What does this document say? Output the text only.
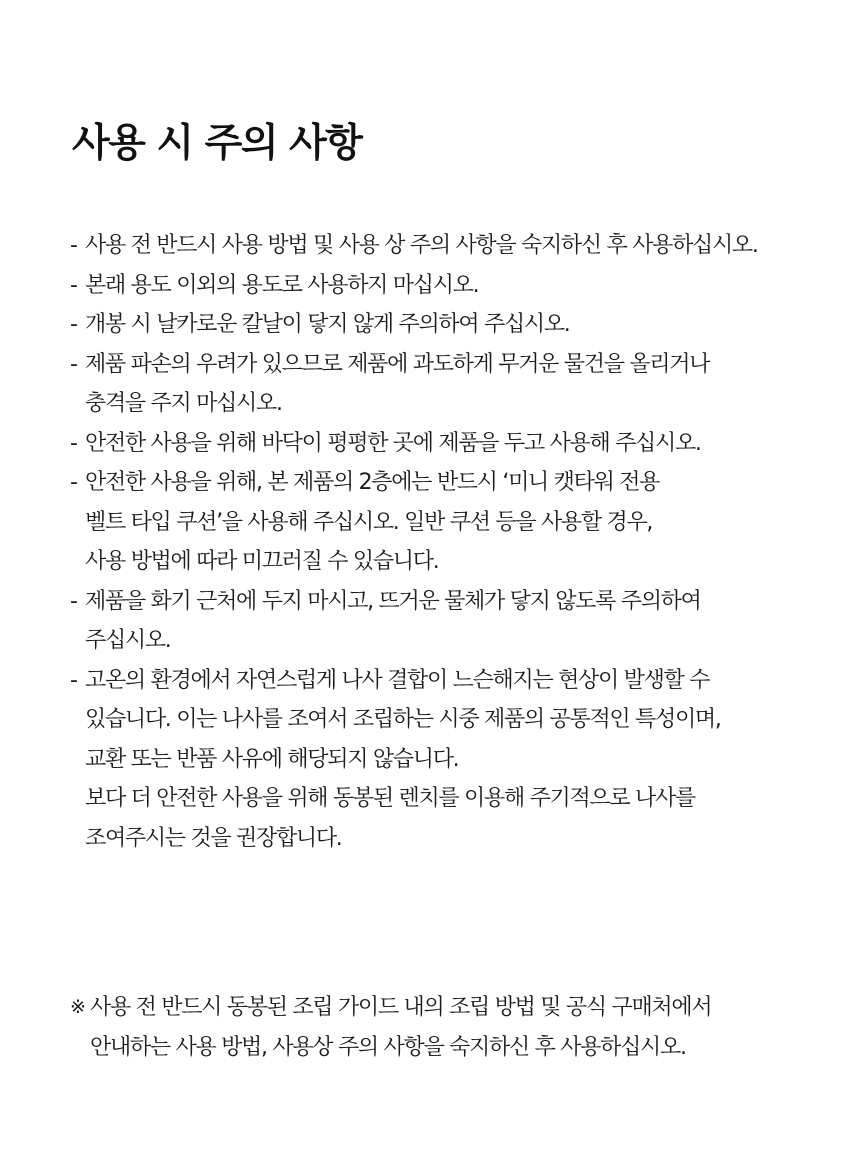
사용 시 주의 사항
- 사용 전 반드시 사용 방법 및 사용 상 주의 사항을 숙지하신 후 사용하십시오.
- 본래 용도 이외의 용도로 사용하지 마십시오.
- 개봉 시 날카로운 칼날이 닿지 않게 주의하여 주십시오.
- 제품 파손의 우려가 있으므로 제품에 과도하게 무거운 물건을 올리거나
충격을 주지 마십시오.
- 안전한 사용을 위해 바닥이 평평한 곳에 제품을 두고 사용해 주십시오.
- 안전한 사용을 위해, 본 제품의 2층에는 반드시 ‘미니 캣타워 전용
벨트 타입 쿠션’을 사용해 주십시오. 일반 쿠션 등을 사용할 경우,
사용 방법에 따라 미끄러질 수 있습니다.
- 제품을 화기 근처에 두지 마시고, 뜨거운 물체가 닿지 않도록 주의하여
주십시오.
- 고온의 환경에서 자연스럽게 나사 결합이 느슨해지는 현상이 발생할 수
있습니다. 이는 나사를 조여서 조립하는 시중 제품의 공통적인 특성이며,
교환 또는 반품 사유에 해당되지 않습니다.
보다 더 안전한 사용을 위해 동봉된 렌치를 이용해 주기적으로 나사를
조여주시는 것을 권장합니다.
※ 사용 전 반드시 동봉된 조립 가이드 내의 조립 방법 및 공식 구매처에서
안내하는 사용 방법, 사용상 주의 사항을 숙지하신 후 사용하십시오.
